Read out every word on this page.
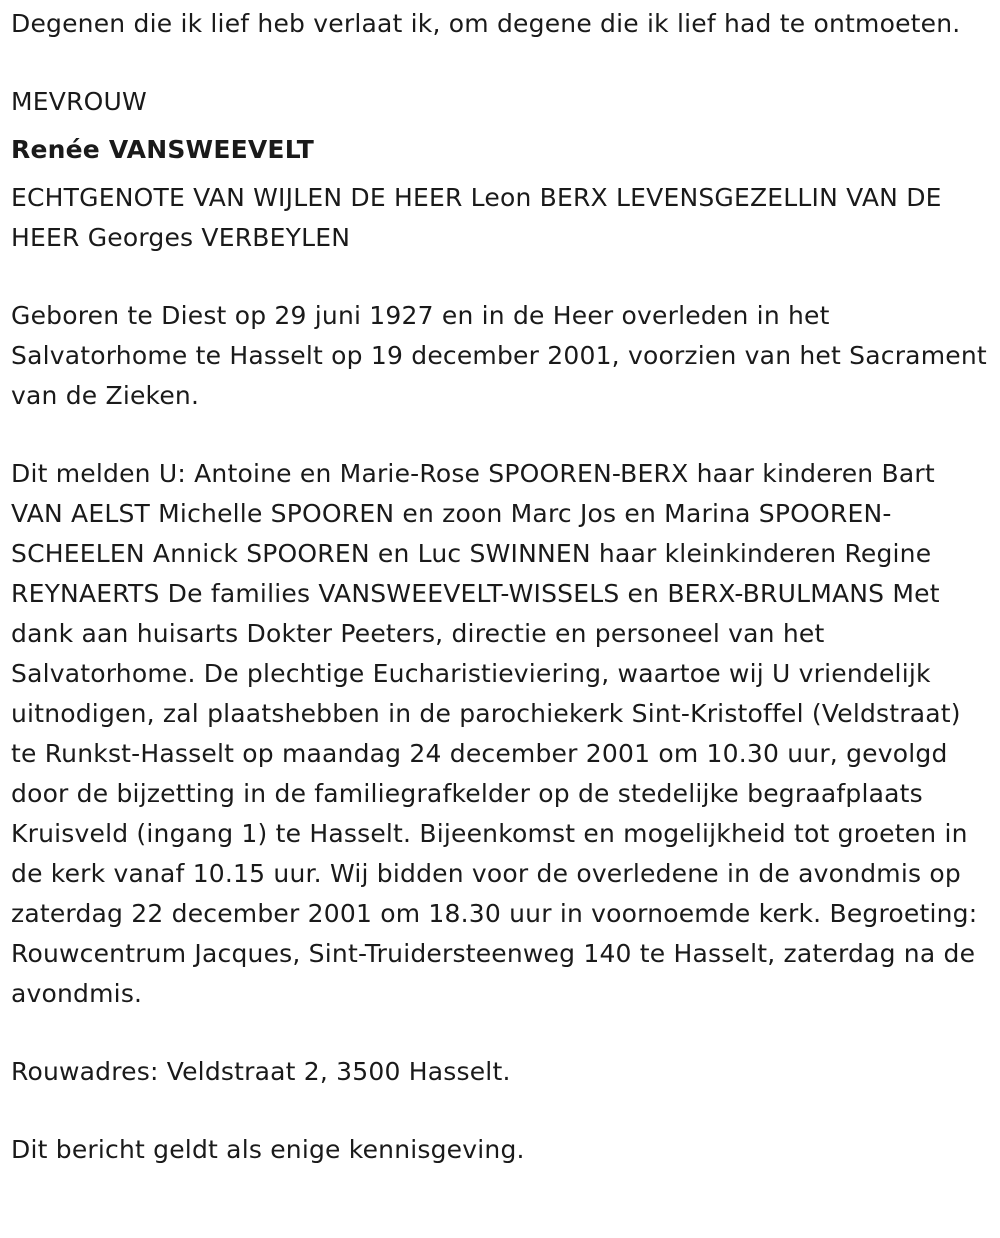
Degenen die ik lief heb verlaat ik, om degene die ik lief had te ontmoeten.

MEVROUW

Renée VANSWEEVELT

ECHTGENOTE VAN WIJLEN DE HEER Leon BERX LEVENSGEZELLIN VAN DE HEER Georges VERBEYLEN

Geboren te Diest op 29 juni 1927 en in de Heer overleden in het Salvatorhome te Hasselt op 19 december 2001, voorzien van het Sacrament van de Zieken.

Dit melden U: Antoine en Marie-Rose SPOOREN-BERX haar kinderen Bart VAN AELST Michelle SPOOREN en zoon Marc Jos en Marina SPOOREN-SCHEELEN Annick SPOOREN en Luc SWINNEN haar kleinkinderen Regine REYNAERTS De families VANSWEEVELT-WISSELS en BERX-BRULMANS Met dank aan huisarts Dokter Peeters, directie en personeel van het Salvatorhome. De plechtige Eucharistieviering, waartoe wij U vriendelijk uitnodigen, zal plaatshebben in de parochiekerk Sint-Kristoffel (Veldstraat) te Runkst-Hasselt op maandag 24 december 2001 om 10.30 uur, gevolgd door de bijzetting in de familiegrafkelder op de stedelijke begraafplaats Kruisveld (ingang 1) te Hasselt. Bijeenkomst en mogelijkheid tot groeten in de kerk vanaf 10.15 uur. Wij bidden voor de overledene in de avondmis op zaterdag 22 december 2001 om 18.30 uur in voornoemde kerk. Begroeting: Rouwcentrum Jacques, Sint-Truidersteenweg 140 te Hasselt, zaterdag na de avondmis.

Rouwadres: Veldstraat 2, 3500 Hasselt.

Dit bericht geldt als enige kennisgeving.
